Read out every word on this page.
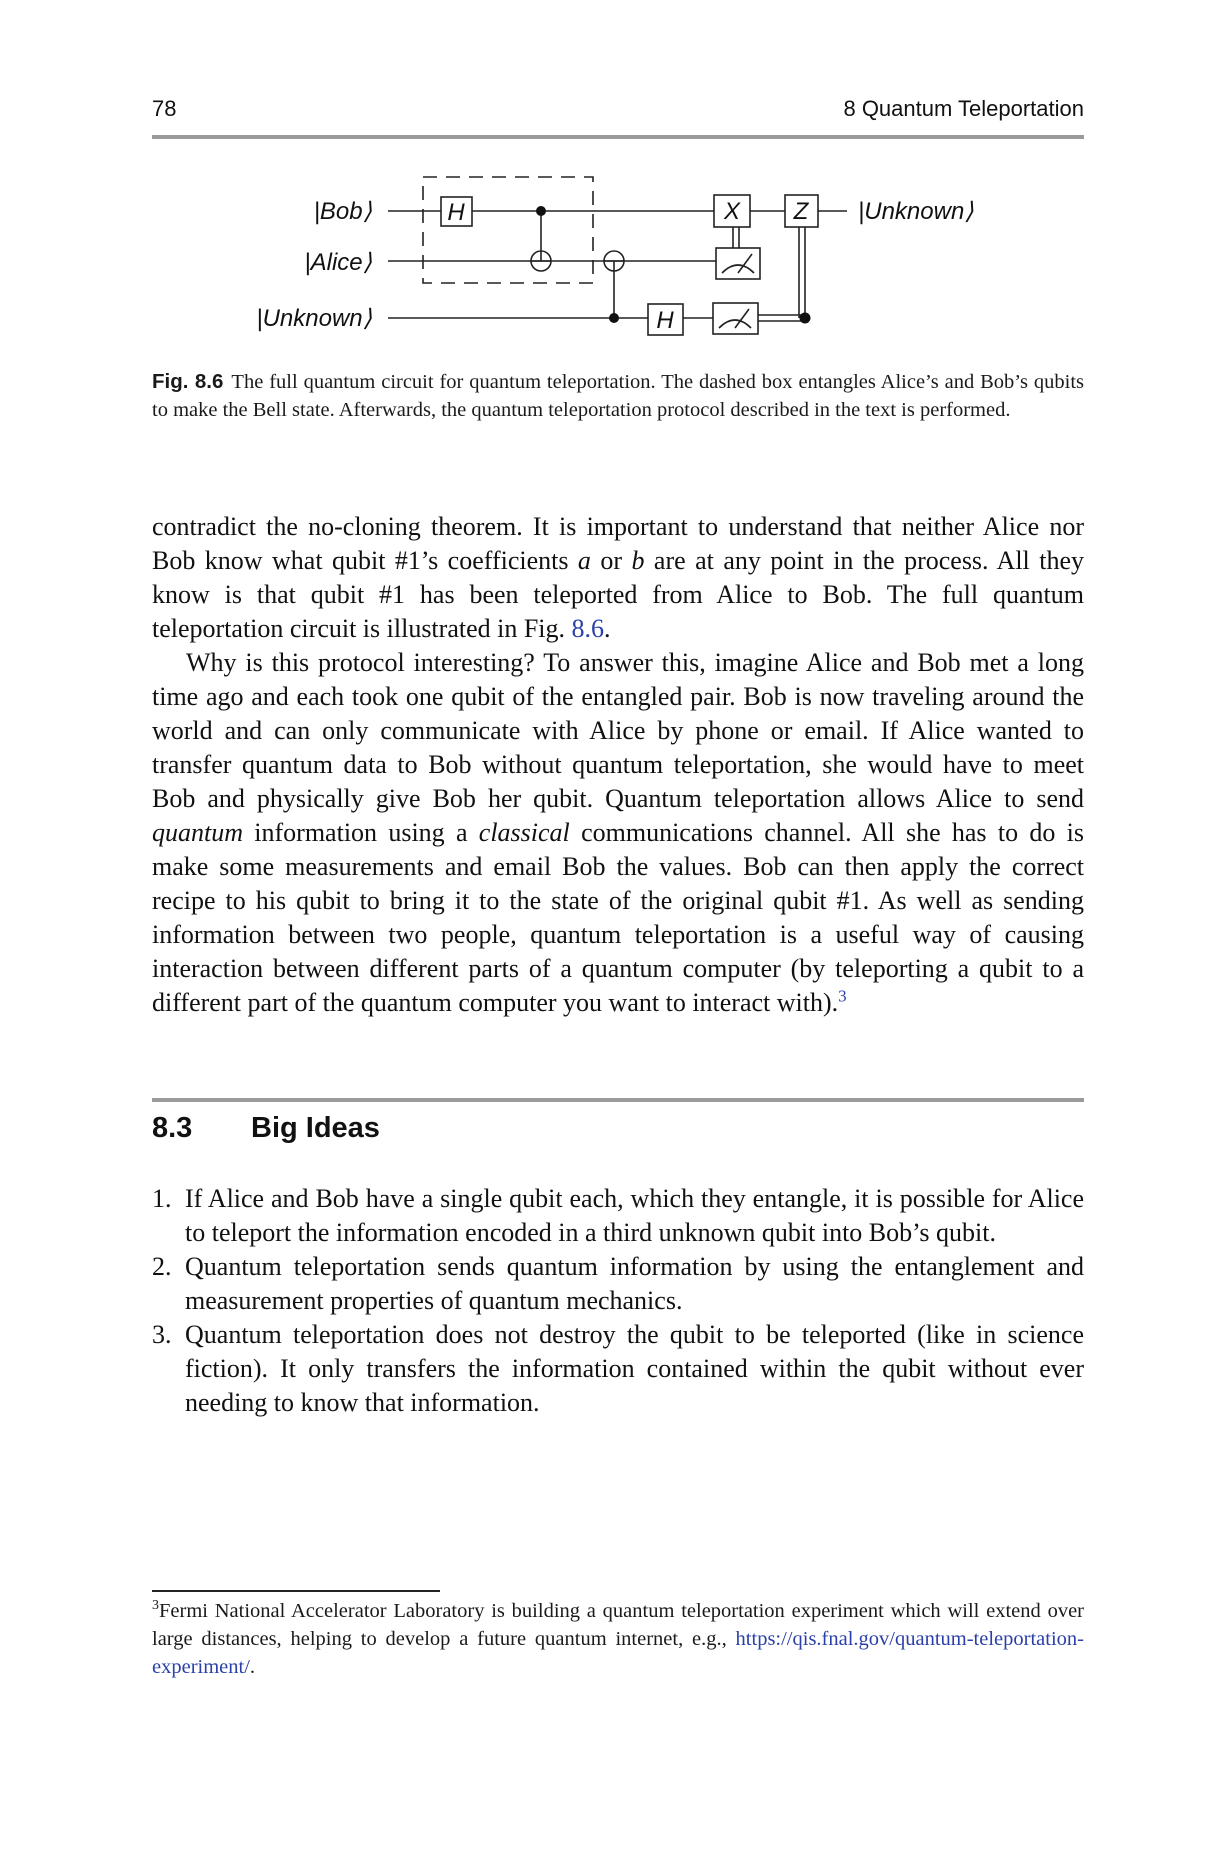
78	8 Quantum Teleportation
H
H
X Z
|Bob⟩
|Alice⟩
|Unknown⟩
|Unknown⟩
Fig. 8.6 The full quantum circuit for quantum teleportation. The dashed box entangles Alice’s and Bob’s qubits to make the Bell state. Afterwards, the quantum teleportation protocol described in the text is performed.

contradict the no-cloning theorem. It is important to understand that neither Alice nor Bob know what qubit #1’s coefficients a or b are at any point in the process. All they know is that qubit #1 has been teleported from Alice to Bob. The full quantum teleportation circuit is illustrated in Fig. 8.6.

Why is this protocol interesting? To answer this, imagine Alice and Bob met a long time ago and each took one qubit of the entangled pair. Bob is now traveling around the world and can only communicate with Alice by phone or email. If Alice wanted to transfer quantum data to Bob without quantum teleportation, she would have to meet Bob and physically give Bob her qubit. Quantum teleportation allows Alice to send quantum information using a classical communications channel. All she has to do is make some measurements and email Bob the values. Bob can then apply the correct recipe to his qubit to bring it to the state of the original qubit #1. As well as sending information between two people, quantum teleportation is a useful way of causing interaction between different parts of a quantum computer (by teleporting a qubit to a different part of the quantum computer you want to interact with).$^3$

8.3 Big Ideas
1. If Alice and Bob have a single qubit each, which they entangle, it is possible for Alice to teleport the information encoded in a third unknown qubit into Bob’s qubit.
2. Quantum teleportation sends quantum information by using the entanglement and measurement properties of quantum mechanics.
3. Quantum teleportation does not destroy the qubit to be teleported (like in science fiction). It only transfers the information contained within the qubit without ever needing to know that information.
$^3$Fermi National Accelerator Laboratory is building a quantum teleportation experiment which will extend over large distances, helping to develop a future quantum internet, e.g., https://qis.fnal.gov/quantum-teleportation-experiment/.
